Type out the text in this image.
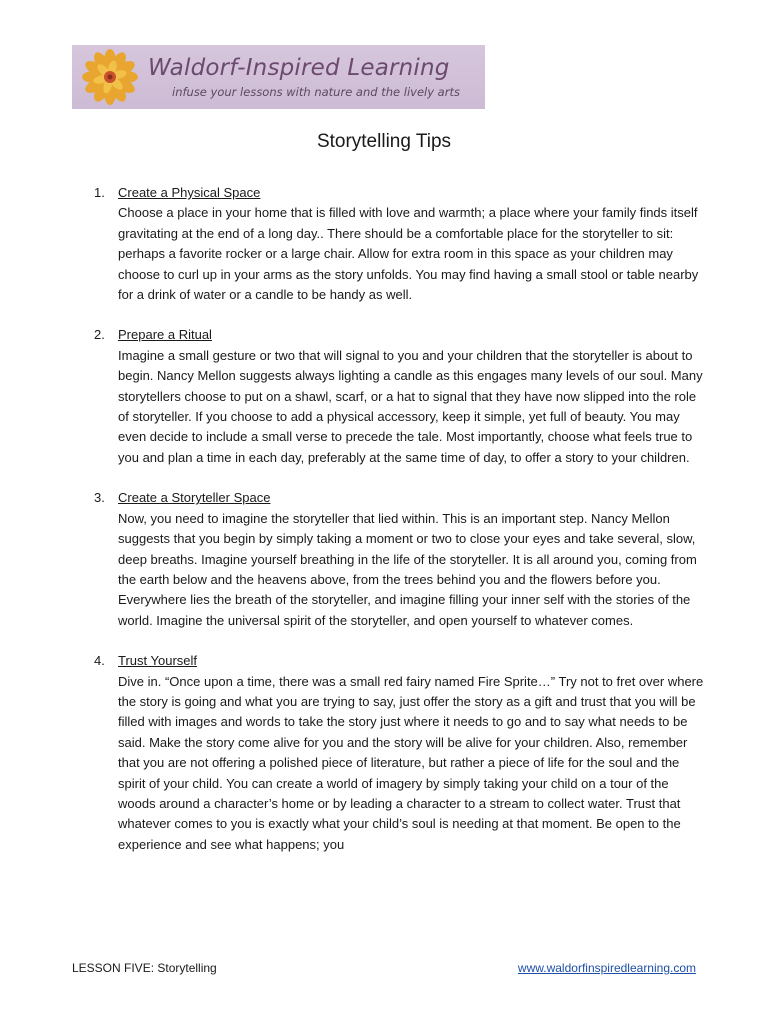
Waldorf-Inspired Learning
infuse your lessons with nature and the lively arts
Storytelling Tips
1. Create a Physical Space
Choose a place in your home that is filled with love and warmth; a place where your family finds itself gravitating at the end of a long day.. There should be a comfortable place for the storyteller to sit: perhaps a favorite rocker or a large chair. Allow for extra room in this space as your children may choose to curl up in your arms as the story unfolds. You may find having a small stool or table nearby for a drink of water or a candle to be handy as well.
2. Prepare a Ritual
Imagine a small gesture or two that will signal to you and your children that the storyteller is about to begin. Nancy Mellon suggests always lighting a candle as this engages many levels of our soul. Many storytellers choose to put on a shawl, scarf, or a hat to signal that they have now slipped into the role of storyteller. If you choose to add a physical accessory, keep it simple, yet full of beauty. You may even decide to include a small verse to precede the tale. Most importantly, choose what feels true to you and plan a time in each day, preferably at the same time of day, to offer a story to your children.
3. Create a Storyteller Space
Now, you need to imagine the storyteller that lied within. This is an important step. Nancy Mellon suggests that you begin by simply taking a moment or two to close your eyes and take several, slow, deep breaths. Imagine yourself breathing in the life of the storyteller. It is all around you, coming from the earth below and the heavens above, from the trees behind you and the flowers before you. Everywhere lies the breath of the storyteller, and imagine filling your inner self with the stories of the world. Imagine the universal spirit of the storyteller, and open yourself to whatever comes.
4. Trust Yourself
Dive in. “Once upon a time, there was a small red fairy named Fire Sprite…” Try not to fret over where the story is going and what you are trying to say, just offer the story as a gift and trust that you will be filled with images and words to take the story just where it needs to go and to say what needs to be said. Make the story come alive for you and the story will be alive for your children. Also, remember that you are not offering a polished piece of literature, but rather a piece of life for the soul and the spirit of your child. You can create a world of imagery by simply taking your child on a tour of the woods around a character’s home or by leading a character to a stream to collect water. Trust that whatever comes to you is exactly what your child’s soul is needing at that moment. Be open to the experience and see what happens; you
LESSON FIVE: Storytelling	www.waldorfinspiredlearning.com
